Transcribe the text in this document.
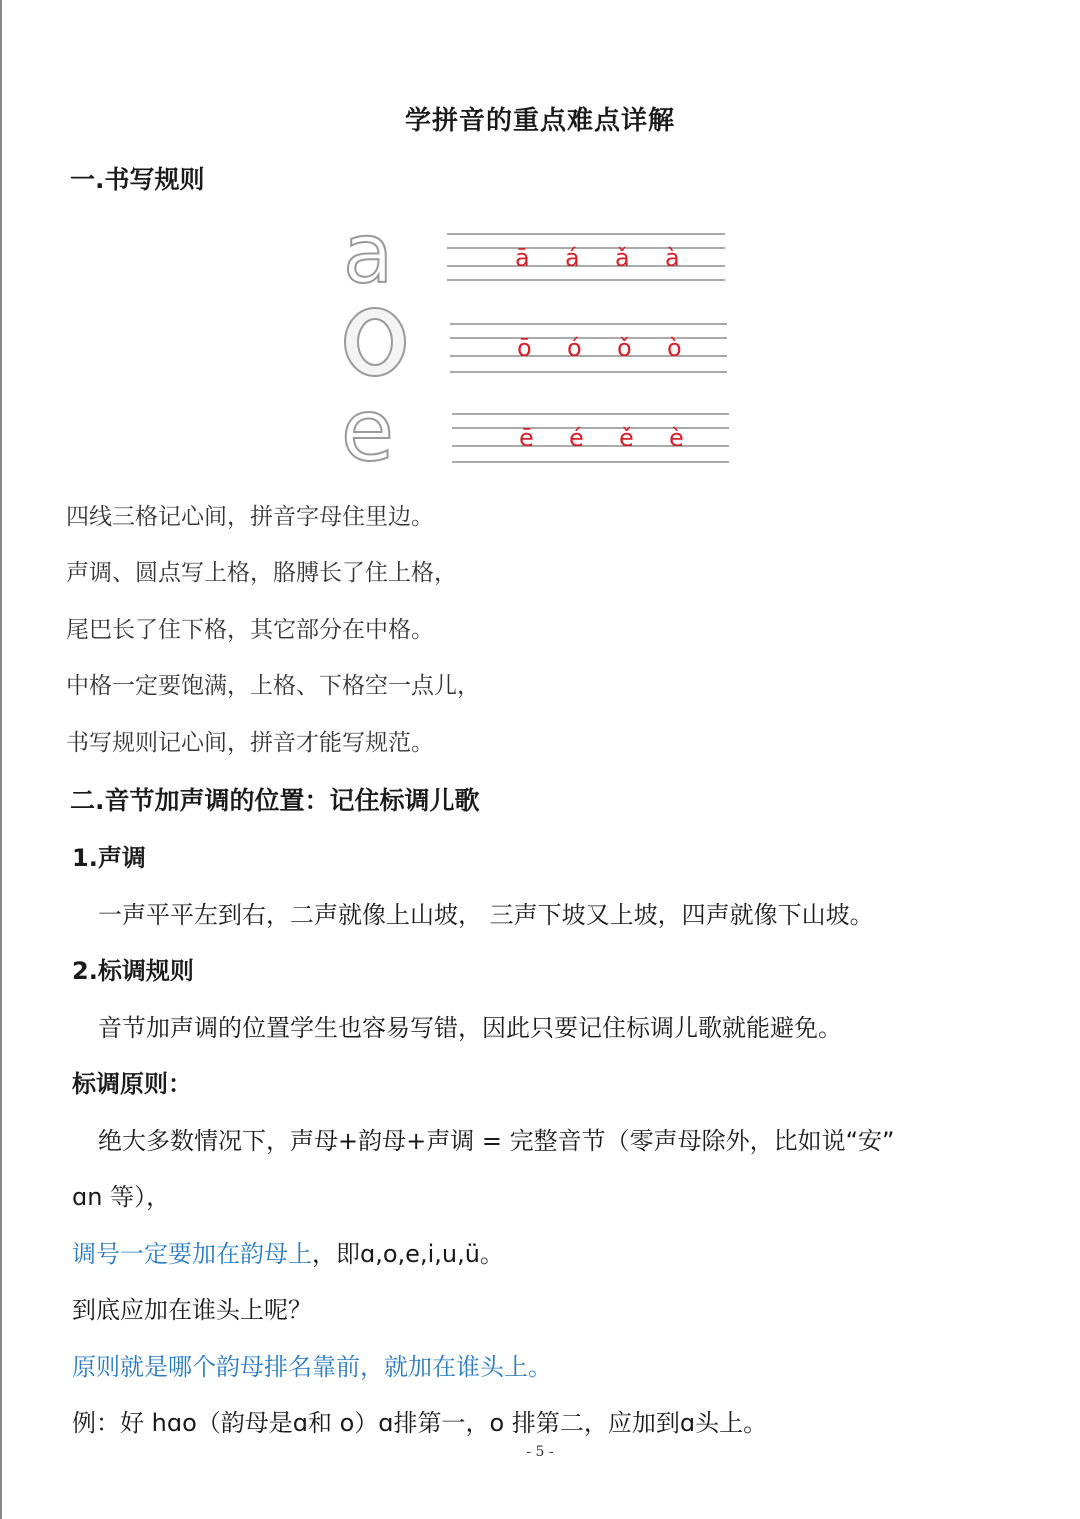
学拼音的重点难点详解
一.书写规则
a	ā á ǎ à
ō ó ǒ ò
e	ē é ě è
四线三格记心间，拼音字母住里边。
声调、圆点写上格，胳膊长了住上格，
尾巴长了住下格，其它部分在中格。
中格一定要饱满，上格、下格空一点儿，
书写规则记心间，拼音才能写规范。
二.音节加声调的位置：记住标调儿歌
1.声调
一声平平左到右，二声就像上山坡， 三声下坡又上坡，四声就像下山坡。
2.标调规则
音节加声调的位置学生也容易写错，因此只要记住标调儿歌就能避免。
标调原则：
绝大多数情况下，声母+韵母+声调 = 完整音节（零声母除外，比如说“安”
ɑn 等），
调号一定要加在韵母上，即ɑ,o,e,i,u,ü。
到底应加在谁头上呢？
原则就是哪个韵母排名靠前，就加在谁头上。
例：好 hɑo（韵母是ɑ和 o）ɑ排第一，o 排第二，应加到ɑ头上。
- 5 -
